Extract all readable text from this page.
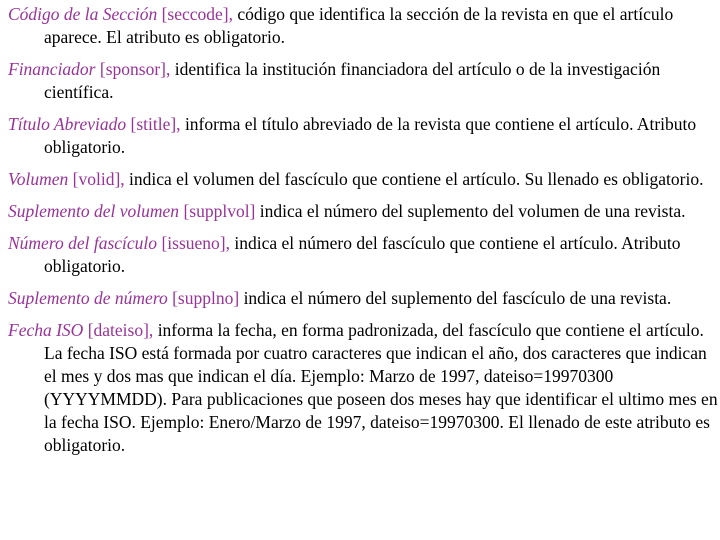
Código de la Sección [seccode], código que identifica la sección de la revista en que el artículo aparece. El atributo es obligatorio.
Financiador [sponsor], identifica la institución financiadora del artículo o de la investigación científica.
Título Abreviado [stitle], informa el título abreviado de la revista que contiene el artículo. Atributo obligatorio.
Volumen [volid], indica el volumen del fascículo que contiene el artículo. Su llenado es obligatorio.
Suplemento del volumen [supplvol] indica el número del suplemento del volumen de una revista.
Número del fascículo [issueno], indica el número del fascículo que contiene el artículo. Atributo obligatorio.
Suplemento de número [supplno] indica el número del suplemento del fascículo de una revista.
Fecha ISO [dateiso], informa la fecha, en forma padronizada, del fascículo que contiene el artículo. La fecha ISO está formada por cuatro caracteres que indican el año, dos caracteres que indican el mes y dos mas que indican el día. Ejemplo: Marzo de 1997, dateiso=19970300 (YYYYMMDD). Para publicaciones que poseen dos meses hay que identificar el ultimo mes en la fecha ISO. Ejemplo: Enero/Marzo de 1997, dateiso=19970300. El llenado de este atributo es obligatorio.
